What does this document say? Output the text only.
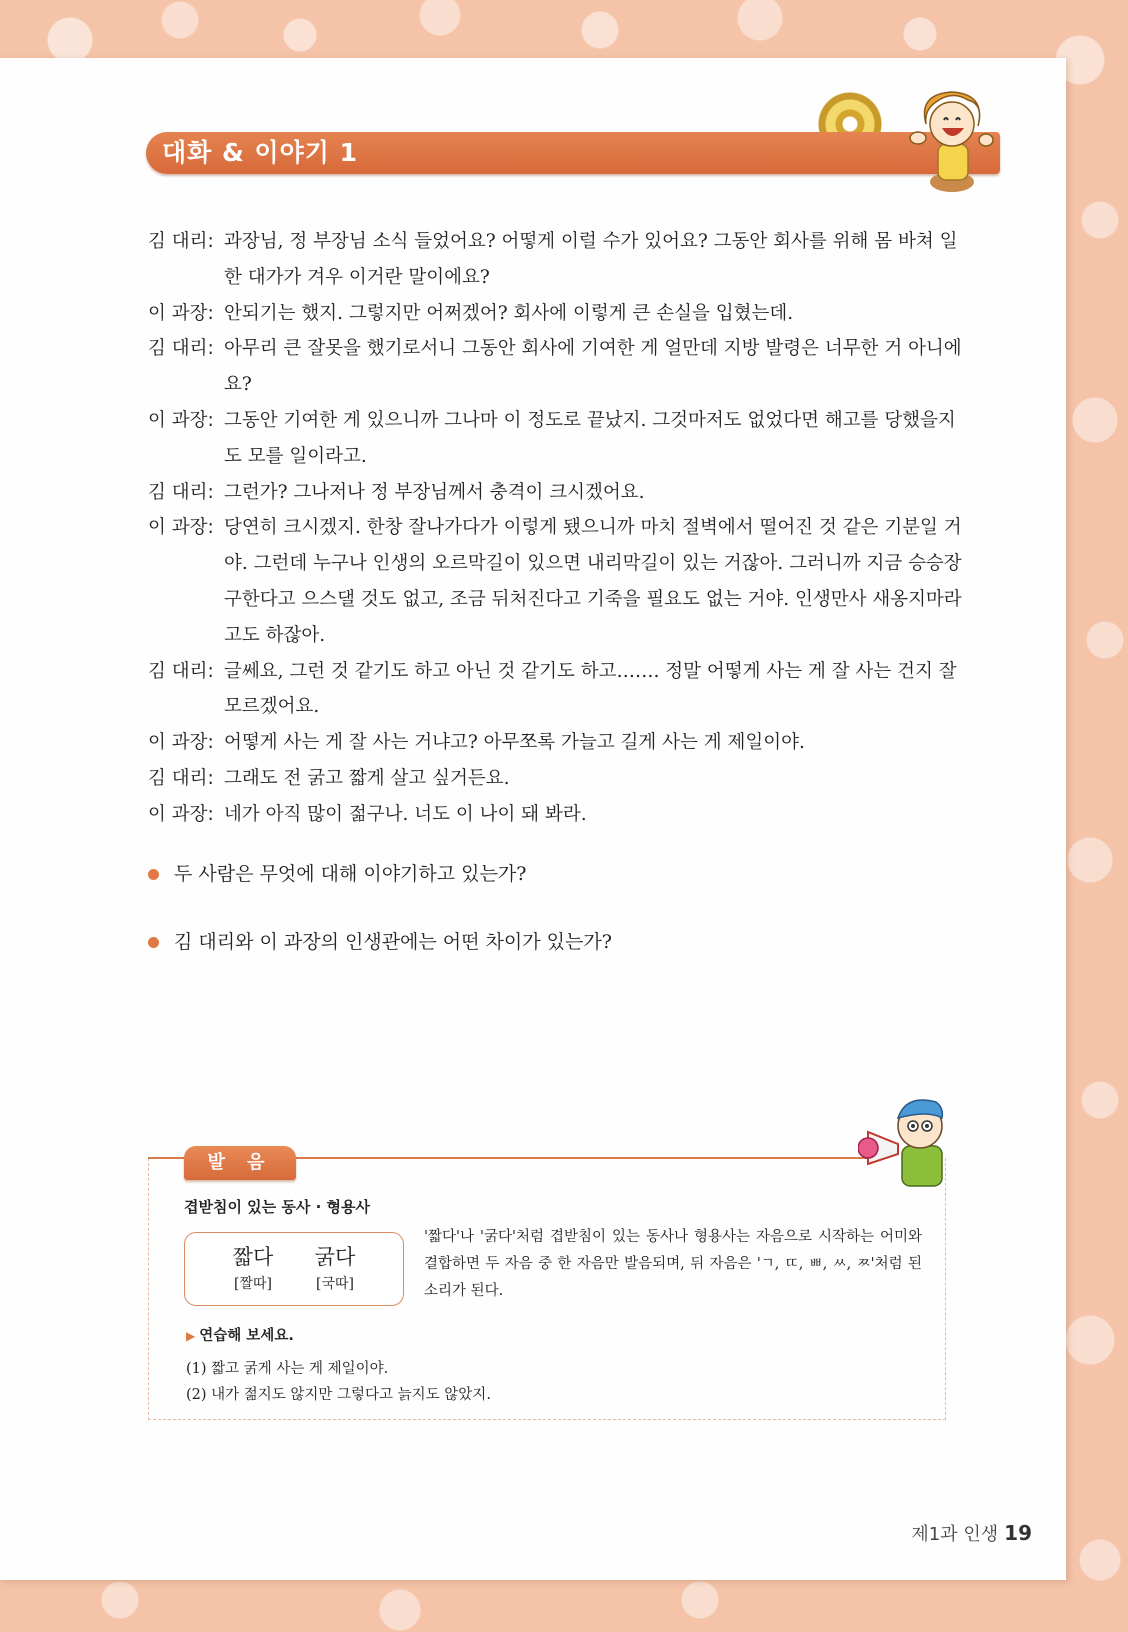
대화 & 이야기 1
김 대리: 과장님, 정 부장님 소식 들었어요? 어떻게 이럴 수가 있어요? 그동안 회사를 위해 몸 바쳐 일한 대가가 겨우 이거란 말이에요?
이 과장: 안되기는 했지. 그렇지만 어쩌겠어? 회사에 이렇게 큰 손실을 입혔는데.
김 대리: 아무리 큰 잘못을 했기로서니 그동안 회사에 기여한 게 얼만데 지방 발령은 너무한 거 아니에요?
이 과장: 그동안 기여한 게 있으니까 그나마 이 정도로 끝났지. 그것마저도 없었다면 해고를 당했을지도 모를 일이라고.
김 대리: 그런가? 그나저나 정 부장님께서 충격이 크시겠어요.
이 과장: 당연히 크시겠지. 한창 잘나가다가 이렇게 됐으니까 마치 절벽에서 떨어진 것 같은 기분일 거야. 그런데 누구나 인생의 오르막길이 있으면 내리막길이 있는 거잖아. 그러니까 지금 승승장구한다고 으스댈 것도 없고, 조금 뒤처진다고 기죽을 필요도 없는 거야. 인생만사 새옹지마라고도 하잖아.
김 대리: 글쎄요, 그런 것 같기도 하고 아닌 것 같기도 하고……. 정말 어떻게 사는 게 잘 사는 건지 잘 모르겠어요.
이 과장: 어떻게 사는 게 잘 사는 거냐고? 아무쪼록 가늘고 길게 사는 게 제일이야.
김 대리: 그래도 전 굵고 짧게 살고 싶거든요.
이 과장: 네가 아직 많이 젊구나. 너도 이 나이 돼 봐라.
두 사람은 무엇에 대해 이야기하고 있는가?
김 대리와 이 과장의 인생관에는 어떤 차이가 있는가?
발 음
겹받침이 있는 동사 · 형용사
짧다
[짤따]
굵다
[국따]
'짧다'나 '굵다'처럼 겹받침이 있는 동사나 형용사는 자음으로 시작하는 어미와 결합하면 두 자음 중 한 자음만 발음되며, 뒤 자음은 'ㄱ, ㄸ, ㅃ, ㅆ, ㅉ'처럼 된소리가 된다.
▶ 연습해 보세요.
(1) 짧고 굵게 사는 게 제일이야.
(2) 내가 젊지도 않지만 그렇다고 늙지도 않았지.
제1과 인생 19
